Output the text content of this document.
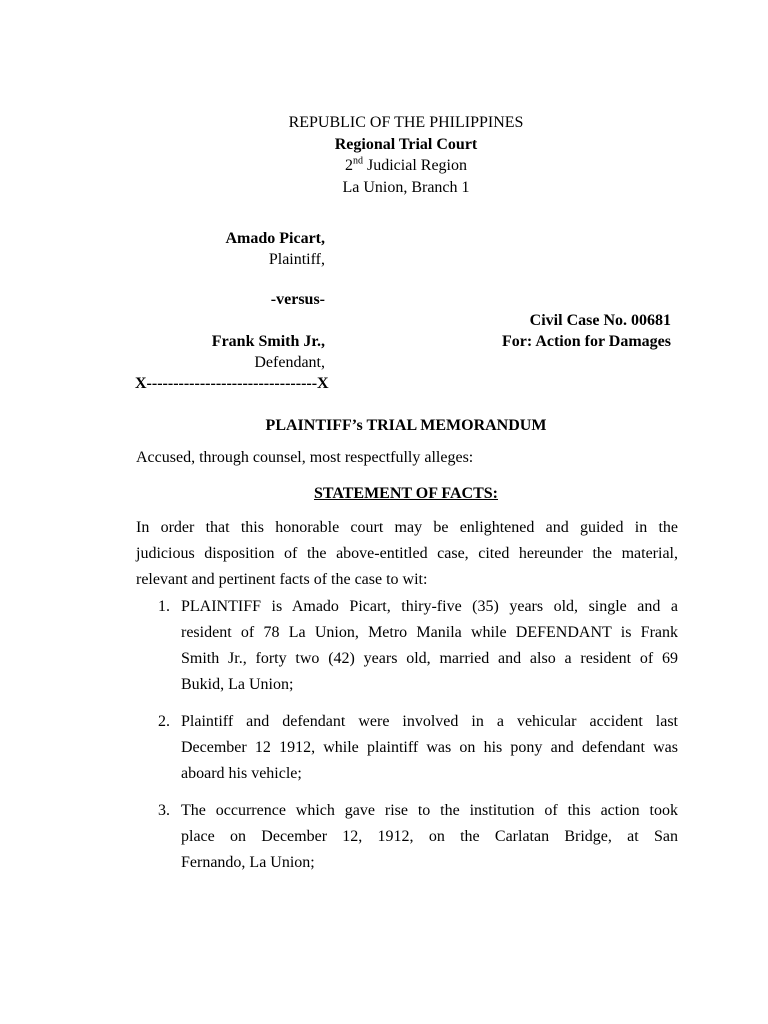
REPUBLIC OF THE PHILIPPINES
Regional Trial Court
2nd Judicial Region
La Union, Branch 1
Amado Picart,
Plaintiff,
-versus-
Frank Smith Jr.,
Defendant,
X--------------------------------X
Civil Case No. 00681
For: Action for Damages
PLAINTIFF’s TRIAL MEMORANDUM
Accused, through counsel, most respectfully alleges:
STATEMENT OF FACTS:
In order that this honorable court may be enlightened and guided in the
judicious disposition of the above-entitled case, cited hereunder the material,
relevant and pertinent facts of the case to wit:
1. PLAINTIFF is Amado Picart, thiry-five (35) years old, single and a
resident of 78 La Union, Metro Manila while DEFENDANT is Frank
Smith Jr., forty two (42) years old, married and also a resident of 69
Bukid, La Union;
2. Plaintiff and defendant were involved in a vehicular accident last
December 12 1912, while plaintiff was on his pony and defendant was
aboard his vehicle;
3. The occurrence which gave rise to the institution of this action took
place on December 12, 1912, on the Carlatan Bridge, at San
Fernando, La Union;
